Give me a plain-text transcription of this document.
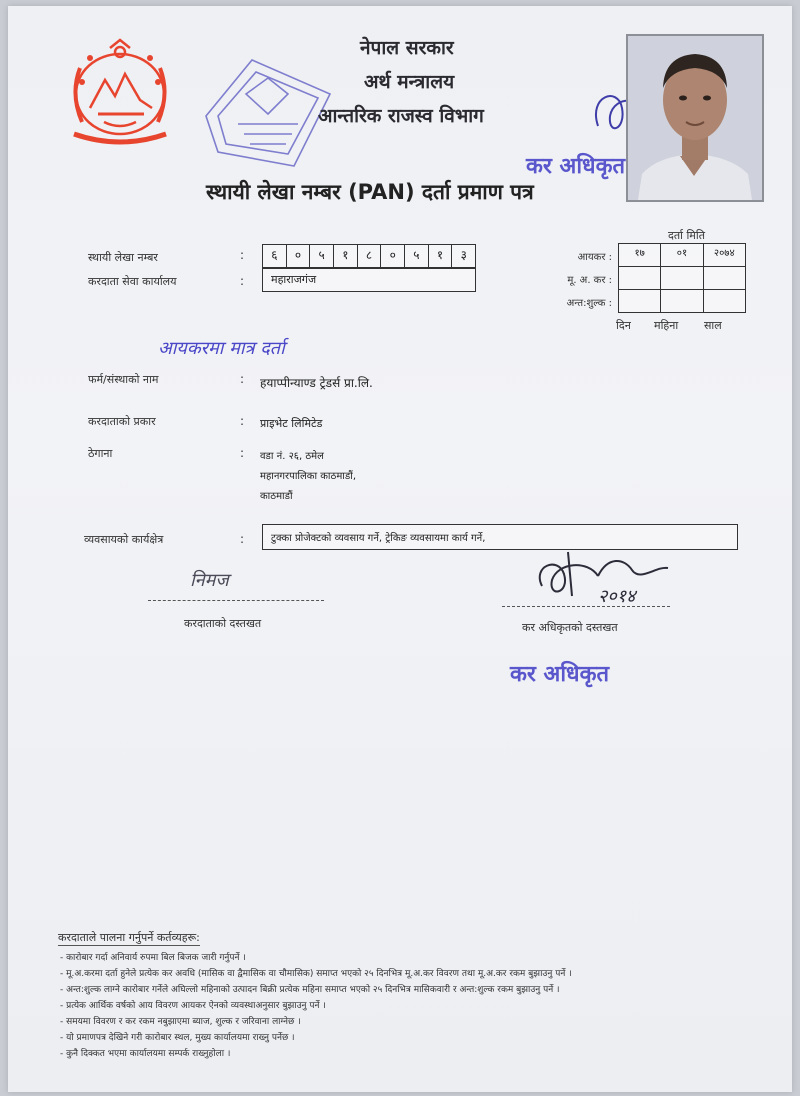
नेपाल सरकार
अर्थ मन्त्रालय
आन्तरिक राजस्व विभाग
कर अधिकृत
स्थायी लेखा नम्बर (PAN) दर्ता प्रमाण पत्र
स्थायी लेखा नम्बर	:	६	०	५	१	८	०	५	१	३
करदाता सेवा कार्यालय	: महाराजगंज
दर्ता मिति
आयकर :	१७	०१	२०७४
मू. अ. कर :
अन्त:शुल्क :
दिन महिना साल
आयकरमा मात्र दर्ता
फर्म/संस्थाको नाम	: हयाप्पीन्याण्ड ट्रेडर्स प्रा.लि.
करदाताको प्रकार	: प्राइभेट लिमिटेड
ठेगाना	: वडा नं. २६, ठमेल
महानगरपालिका काठमाडौं,
काठमाडौं
व्यवसायको कार्यक्षेत्र	:	टुक्का प्रोजेक्टको व्यवसाय गर्ने, ट्रेकिङ व्यवसायमा कार्य गर्ने,
निमज
करदाताको दस्तखत
२०१४
कर अधिकृतको दस्तखत
कर अधिकृत
करदाताले पालना गर्नुपर्ने कर्तव्यहरू:
- कारोबार गर्दा अनिवार्य रुपमा बिल बिजक जारी गर्नुपर्ने ।
- मू.अ.करमा दर्ता हुनेले प्रत्येक कर अवधि (मासिक वा द्वैमासिक वा चौमासिक) समाप्त भएको २५ दिनभित्र मू.अ.कर विवरण तथा मू.अ.कर रकम बुझाउनु पर्ने ।
- अन्त:शुल्क लाग्ने कारोबार गर्नेले अघिल्लो महिनाको उत्पादन बिक्री प्रत्येक महिना समाप्त भएको २५ दिनभित्र मासिकवारी र अन्त:शुल्क रकम बुझाउनु पर्ने ।
- प्रत्येक आर्थिक वर्षको आय विवरण आयकर ऐनको व्यवस्थाअनुसार बुझाउनु पर्ने ।
- समयमा विवरण र कर रकम नबुझाएमा ब्याज, शुल्क र जरिवाना लाग्नेछ ।
- यो प्रमाणपत्र देखिने गरी कारोबार स्थल, मुख्य कार्यालयमा राख्नु पर्नेछ ।
- कुनै दिक्कत भएमा कार्यालयमा सम्पर्क राख्नुहोला ।
